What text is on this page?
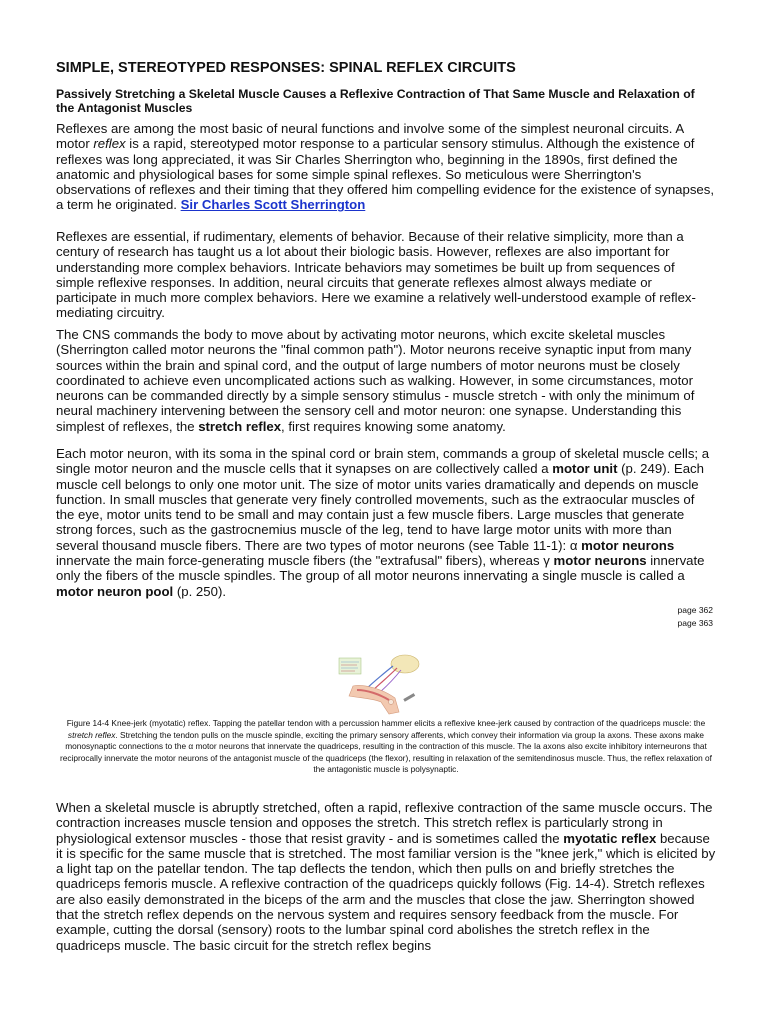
SIMPLE, STEREOTYPED RESPONSES: SPINAL REFLEX CIRCUITS
Passively Stretching a Skeletal Muscle Causes a Reflexive Contraction of That Same Muscle and Relaxation of the Antagonist Muscles

Reflexes are among the most basic of neural functions and involve some of the simplest neuronal circuits. A motor reflex is a rapid, stereotyped motor response to a particular sensory stimulus. Although the existence of reflexes was long appreciated, it was Sir Charles Sherrington who, beginning in the 1890s, first defined the anatomic and physiological bases for some simple spinal reflexes. So meticulous were Sherrington's observations of reflexes and their timing that they offered him compelling evidence for the existence of synapses, a term he originated. Sir Charles Scott Sherrington

Reflexes are essential, if rudimentary, elements of behavior. Because of their relative simplicity, more than a century of research has taught us a lot about their biologic basis. However, reflexes are also important for understanding more complex behaviors. Intricate behaviors may sometimes be built up from sequences of simple reflexive responses. In addition, neural circuits that generate reflexes almost always mediate or participate in much more complex behaviors. Here we examine a relatively well-understood example of reflex-mediating circuitry.

The CNS commands the body to move about by activating motor neurons, which excite skeletal muscles (Sherrington called motor neurons the "final common path"). Motor neurons receive synaptic input from many sources within the brain and spinal cord, and the output of large numbers of motor neurons must be closely coordinated to achieve even uncomplicated actions such as walking. However, in some circumstances, motor neurons can be commanded directly by a simple sensory stimulus - muscle stretch - with only the minimum of neural machinery intervening between the sensory cell and motor neuron: one synapse. Understanding this simplest of reflexes, the stretch reflex, first requires knowing some anatomy.

Each motor neuron, with its soma in the spinal cord or brain stem, commands a group of skeletal muscle cells; a single motor neuron and the muscle cells that it synapses on are collectively called a motor unit (p. 249). Each muscle cell belongs to only one motor unit. The size of motor units varies dramatically and depends on muscle function. In small muscles that generate very finely controlled movements, such as the extraocular muscles of the eye, motor units tend to be small and may contain just a few muscle fibers. Large muscles that generate strong forces, such as the gastrocnemius muscle of the leg, tend to have large motor units with more than several thousand muscle fibers. There are two types of motor neurons (see Table 11-1): α motor neurons innervate the main force-generating muscle fibers (the "extrafusal" fibers), whereas γ motor neurons innervate only the fibers of the muscle spindles. The group of all motor neurons innervating a single muscle is called a motor neuron pool (p. 250).

page 362
page 363

Figure 14-4 Knee-jerk (myotatic) reflex. Tapping the patellar tendon with a percussion hammer elicits a reflexive knee-jerk caused by contraction of the quadriceps muscle: the stretch reflex. Stretching the tendon pulls on the muscle spindle, exciting the primary sensory afferents, which convey their information via group Ia axons. These axons make monosynaptic connections to the α motor neurons that innervate the quadriceps, resulting in the contraction of this muscle. The Ia axons also excite inhibitory interneurons that reciprocally innervate the motor neurons of the antagonist muscle of the quadriceps (the flexor), resulting in relaxation of the semitendinosus muscle. Thus, the reflex relaxation of the antagonistic muscle is polysynaptic.

When a skeletal muscle is abruptly stretched, often a rapid, reflexive contraction of the same muscle occurs. The contraction increases muscle tension and opposes the stretch. This stretch reflex is particularly strong in physiological extensor muscles - those that resist gravity - and is sometimes called the myotatic reflex because it is specific for the same muscle that is stretched. The most familiar version is the "knee jerk," which is elicited by a light tap on the patellar tendon. The tap deflects the tendon, which then pulls on and briefly stretches the quadriceps femoris muscle. A reflexive contraction of the quadriceps quickly follows (Fig. 14-4). Stretch reflexes are also easily demonstrated in the biceps of the arm and the muscles that close the jaw. Sherrington showed that the stretch reflex depends on the nervous system and requires sensory feedback from the muscle. For example, cutting the dorsal (sensory) roots to the lumbar spinal cord abolishes the stretch reflex in the quadriceps muscle. The basic circuit for the stretch reflex begins
